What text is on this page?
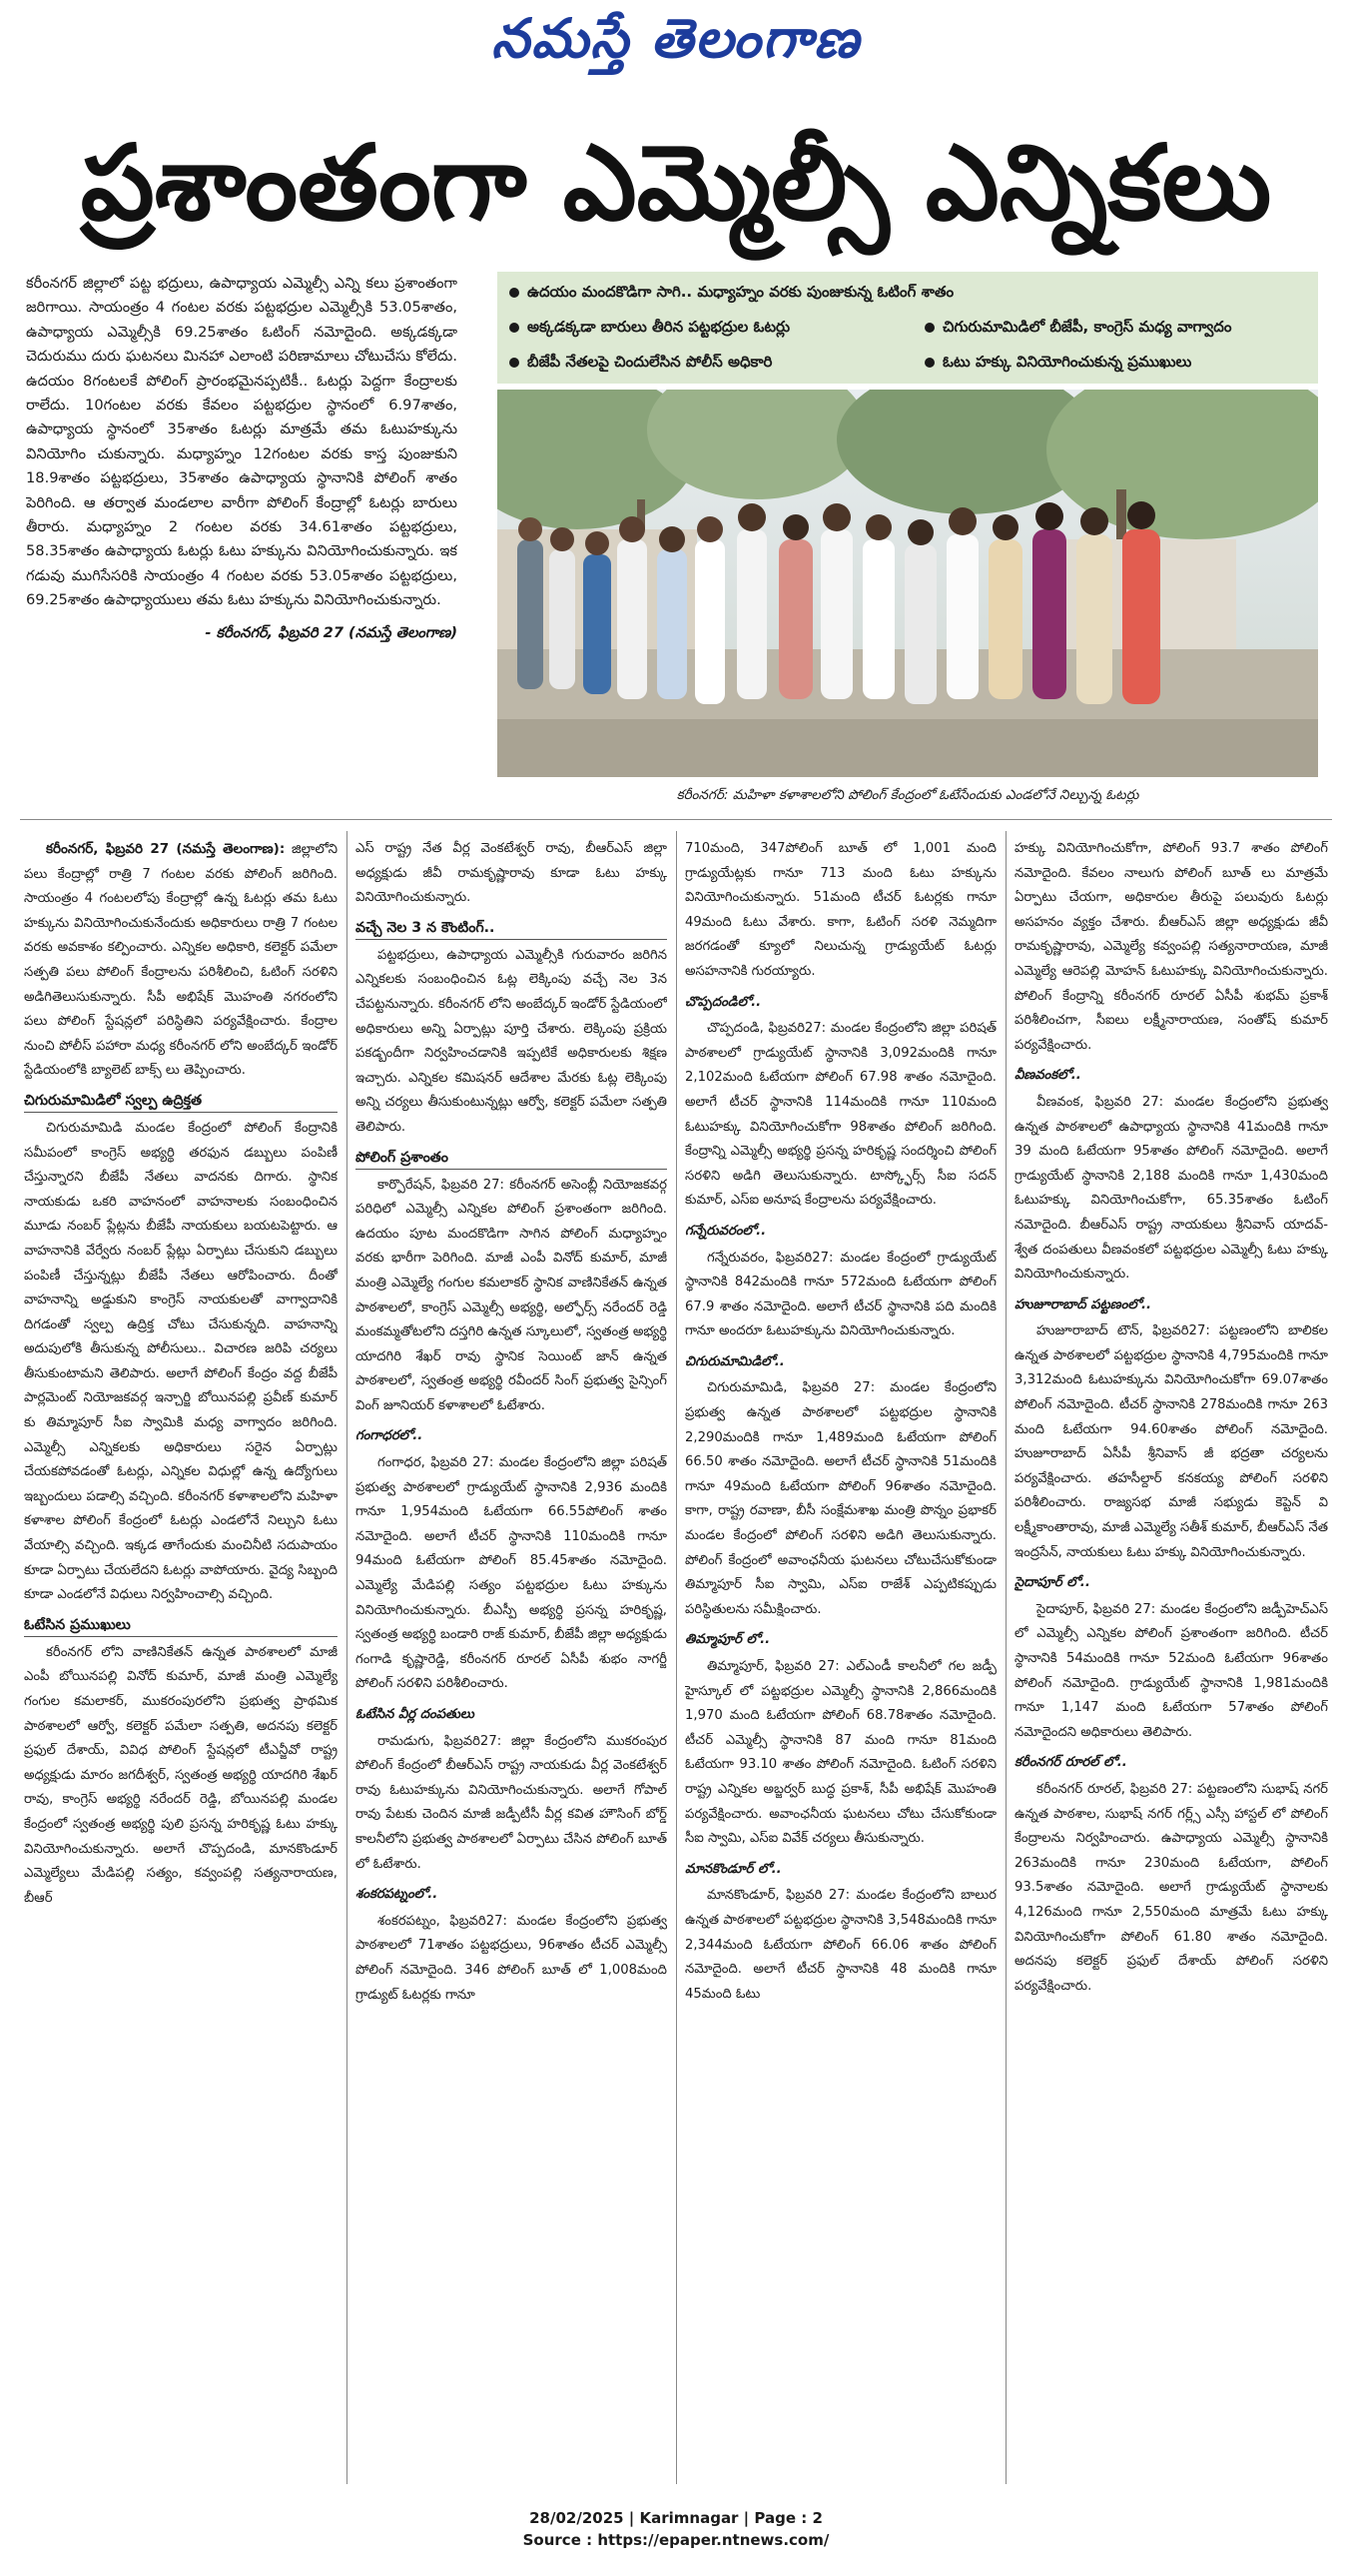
నమస్తే తెలంగాణ
ప్రశాంతంగా ఎమ్మెల్సీ ఎన్నికలు

కరీంనగర్ జిల్లాలో పట్ట భద్రులు, ఉపాధ్యాయ ఎమ్మెల్సీ ఎన్ని కలు ప్రశాంతంగా జరిగాయి. సాయంత్రం 4 గంటల వరకు పట్టభద్రుల ఎమ్మెల్సీకి 53.05శాతం, ఉపాధ్యాయ ఎమ్మెల్సీకి 69.25శాతం ఓటింగ్ నమోదైంది. అక్కడక్కడా చెదురుము దురు ఘటనలు మినహా ఎలాంటి పరిణామాలు చోటుచేసు కోలేదు. ఉదయం 8గంటలకే పోలింగ్ ప్రారంభమైనప్పటికీ.. ఓటర్లు పెద్దగా కేంద్రాలకు రాలేదు. 10గంటల వరకు కేవలం పట్టభద్రుల స్థానంలో 6.97శాతం, ఉపాధ్యాయ స్థానంలో 35శాతం ఓటర్లు మాత్రమే తమ ఓటుహక్కును వినియోగిం చుకున్నారు. మధ్యాహ్నం 12గంటల వరకు కాస్త పుంజుకుని 18.9శాతం పట్టభద్రులు, 35శాతం ఉపాధ్యాయ స్థానానికి పోలింగ్ శాతం పెరిగింది. ఆ తర్వాత మండలాల వారీగా పోలింగ్ కేంద్రాల్లో ఓటర్లు బారులు తీరారు. మధ్యాహ్నం 2 గంటల వరకు 34.61శాతం పట్టభద్రులు, 58.35శాతం ఉపాధ్యాయ ఓటర్లు ఓటు హక్కును వినియోగించుకున్నారు. ఇక గడువు ముగిసేసరికి సాయంత్రం 4 గంటల వరకు 53.05శాతం పట్టభద్రులు, 69.25శాతం ఉపాధ్యాయులు తమ ఓటు హక్కును వినియోగించుకున్నారు.

- కరీంనగర్, ఫిబ్రవరి 27 (నమస్తే తెలంగాణ)

ఉదయం మందకొడిగా సాగి.. మధ్యాహ్నం వరకు పుంజుకున్న ఓటింగ్ శాతం
అక్కడక్కడా బారులు తీరిన పట్టభద్రుల ఓటర్లు	చిగురుమామిడిలో బీజేపీ, కాంగ్రెస్ మధ్య వాగ్వాదం
బీజేపీ నేతలపై చిందులేసిన పోలీస్ అధికారి	ఓటు హక్కు వినియోగించుకున్న ప్రముఖులు
కరీంనగర్: మహిళా కళాశాలలోని పోలింగ్ కేంద్రంలో ఓటేసేందుకు ఎండలోనే నిల్చున్న ఓటర్లు

కరీంనగర్, ఫిబ్రవరి 27 (నమస్తే తెలంగాణ): జిల్లాలోని పలు కేంద్రాల్లో రాత్రి 7 గంటల వరకు పోలింగ్ జరిగింది. సాయంత్రం 4 గంటలలోపు కేంద్రాల్లో ఉన్న ఓటర్లు తమ ఓటు హక్కును వినియోగించుకునేందుకు అధికారులు రాత్రి 7 గంటల వరకు అవకాశం కల్పించారు. ఎన్నికల అధికారి, కలెక్టర్ పమేలా సత్పతి పలు పోలింగ్ కేంద్రాలను పరిశీలించి, ఓటింగ్ సరళిని అడిగితెలుసుకున్నారు. సీపీ అభిషేక్ మొహంతి నగరంలోని పలు పోలింగ్ స్టేషన్లలో పరిస్థితిని పర్యవేక్షించారు. కేంద్రాల నుంచి పోలీస్ పహారా మధ్య కరీంనగర్ లోని అంబేద్కర్ ఇండోర్ స్టేడియంలోకి బ్యాలెట్ బాక్స్ లు తెప్పించారు.

చిగురుమామిడిలో స్వల్ప ఉద్రిక్తత

చిగురుమామిడి మండల కేంద్రంలో పోలింగ్ కేంద్రానికి సమీపంలో కాంగ్రెస్ అభ్యర్థి తరఫున డబ్బులు పంపిణీ చేస్తున్నారని బీజేపీ నేతలు వాదనకు దిగారు. స్థానిక నాయకుడు ఒకరి వాహనంలో వాహనాలకు సంబంధించిన మూడు నంబర్ ప్లేట్లను బీజేపీ నాయకులు బయటపెట్టారు. ఆ వాహనానికి వేర్వేరు నంబర్ ప్లేట్లు ఏర్పాటు చేసుకుని డబ్బులు పంపిణీ చేస్తున్నట్లు బీజేపీ నేతలు ఆరోపించారు. దీంతో వాహనాన్ని అడ్డుకుని కాంగ్రెస్ నాయకులతో వాగ్వాదానికి దిగడంతో స్వల్ప ఉద్రిక్త చోటు చేసుకున్నది. వాహనాన్ని అదుపులోకి తీసుకున్న పోలీసులు.. విచారణ జరిపి చర్యలు తీసుకుంటామని తెలిపారు. అలాగే పోలింగ్ కేంద్రం వద్ద బీజేపీ పార్లమెంట్ నియోజకవర్గ ఇన్చార్జి బోయినపల్లి ప్రవీణ్ కుమార్ కు తిమ్మాపూర్ సీఐ స్వామికి మధ్య వాగ్వాదం జరిగింది. ఎమ్మెల్సీ ఎన్నికలకు అధికారులు సరైన ఏర్పాట్లు చేయకపోవడంతో ఓటర్లు, ఎన్నికల విధుల్లో ఉన్న ఉద్యోగులు ఇబ్బందులు పడాల్సి వచ్చింది. కరీంనగర్ కళాశాలలోని మహిళా కళాశాల పోలింగ్ కేంద్రంలో ఓటర్లు ఎండలోనే నిల్చుని ఓటు వేయాల్సి వచ్చింది. ఇక్కడ తాగేందుకు మంచినీటి సదుపాయం కూడా ఏర్పాటు చేయలేదని ఓటర్లు వాపోయారు. వైద్య సిబ్బంది కూడా ఎండలోనే విధులు నిర్వహించాల్సి వచ్చింది.

ఓటేసిన ప్రముఖులు

కరీంనగర్ లోని వాణినికేతన్ ఉన్నత పాఠశాలలో మాజీ ఎంపీ బోయినపల్లి వినోద్ కుమార్, మాజీ మంత్రి ఎమ్మెల్యే గంగుల కమలాకర్, ముకరంపురలోని ప్రభుత్వ ప్రాథమిక పాఠశాలలో ఆర్వో, కలెక్టర్ పమేలా సత్పతి, అదనపు కలెక్టర్ ప్రఫుల్ దేశాయ్, వివిధ పోలింగ్ స్టేషన్లలో టీఎన్జీవో రాష్ట్ర అధ్యక్షుడు మారం జగదీశ్వర్, స్వతంత్ర అభ్యర్థి యాదగిరి శేఖర్ రావు, కాంగ్రెస్ అభ్యర్థి నరేందర్ రెడ్డి, బోయినపల్లి మండల కేంద్రంలో స్వతంత్ర అభ్యర్థి పులి ప్రసన్న హరికృష్ణ ఓటు హక్కు వినియోగించుకున్నారు. అలాగే చొప్పదండి, మానకొండూర్ ఎమ్మెల్యేలు మేడిపల్లి సత్యం, కవ్వంపల్లి సత్యనారాయణ, బీఆర్

ఎస్ రాష్ట్ర నేత వీర్ల వెంకటేశ్వర్ రావు, బీఆర్ఎస్ జిల్లా అధ్యక్షుడు జీవీ రామకృష్ణారావు కూడా ఓటు హక్కు వినియోగించుకున్నారు.

వచ్చే నెల 3 న కౌంటింగ్..

పట్టభద్రులు, ఉపాధ్యాయ ఎమ్మెల్సీకి గురువారం జరిగిన ఎన్నికలకు సంబంధించిన ఓట్ల లెక్కింపు వచ్చే నెల 3న చేపట్టనున్నారు. కరీంనగర్ లోని అంబేద్కర్ ఇండోర్ స్టేడియంలో అధికారులు అన్ని ఏర్పాట్లు పూర్తి చేశారు. లెక్కింపు ప్రక్రియ పకడ్బందీగా నిర్వహించడానికి ఇప్పటికే అధికారులకు శిక్షణ ఇచ్చారు. ఎన్నికల కమిషనర్ ఆదేశాల మేరకు ఓట్ల లెక్కింపు అన్ని చర్యలు తీసుకుంటున్నట్లు ఆర్వో, కలెక్టర్ పమేలా సత్పతి తెలిపారు.

పోలింగ్ ప్రశాంతం

కార్పొరేషన్, ఫిబ్రవరి 27: కరీంనగర్ అసెంబ్లీ నియోజకవర్గ పరిధిలో ఎమ్మెల్సీ ఎన్నికల పోలింగ్ ప్రశాంతంగా జరిగింది. ఉదయం పూట మందకొడిగా సాగిన పోలింగ్ మధ్యాహ్నం వరకు భారీగా పెరిగింది. మాజీ ఎంపీ వినోద్ కుమార్, మాజీ మంత్రి ఎమ్మెల్యే గంగుల కమలాకర్ స్థానిక వాణినికేతన్ ఉన్నత పాఠశాలలో, కాంగ్రెస్ ఎమ్మెల్సీ అభ్యర్థి, అల్ఫోర్స్ నరేందర్ రెడ్డి మంకమ్మతోటలోని దస్తగిరి ఉన్నత స్కూలులో, స్వతంత్ర అభ్యర్థి యాదగిరి శేఖర్ రావు స్థానిక సెయింట్ జాన్ ఉన్నత పాఠశాలలో, స్వతంత్ర అభ్యర్థి రవీందర్ సింగ్ ప్రభుత్వ సైన్సింగ్ వింగ్ జూనియర్ కళాశాలలో ఓటేశారు.

గంగాధరలో..

గంగాధర, ఫిబ్రవరి 27: మండల కేంద్రంలోని జిల్లా పరిషత్ ప్రభుత్వ పాఠశాలలో గ్రాడ్యుయేట్ స్థానానికి 2,936 మందికి గానూ 1,954మంది ఓటేయగా 66.55పోలింగ్ శాతం నమోదైంది. అలాగే టీచర్ స్థానానికి 110మందికి గానూ 94మంది ఓటేయగా పోలింగ్ 85.45శాతం నమోదైంది. ఎమ్మెల్యే మేడిపల్లి సత్యం పట్టభద్రుల ఓటు హక్కును వినియోగించుకున్నారు. బీఎస్పీ అభ్యర్థి ప్రసన్న హరికృష్ణ, స్వతంత్ర అభ్యర్థి బండారి రాజ్ కుమార్, బీజేపీ జిల్లా అధ్యక్షుడు గంగాడి కృష్ణారెడ్డి, కరీంనగర్ రూరల్ ఏసీపీ శుభం నాగర్జీ పోలింగ్ సరళిని పరిశీలించారు.

ఓటేసిన వీర్ల దంపతులు

రామడుగు, ఫిబ్రవరి27: జిల్లా కేంద్రంలోని ముకరంపుర పోలింగ్ కేంద్రంలో బీఆర్ఎస్ రాష్ట్ర నాయకుడు వీర్ల వెంకటేశ్వర్ రావు ఓటుహక్కును వినియోగించుకున్నారు. అలాగే గోపాల్ రావు పేటకు చెందిన మాజీ జడ్పీటీసీ వీర్ల కవిత హౌసింగ్ బోర్డ్ కాలనీలోని ప్రభుత్వ పాఠశాలలో ఏర్పాటు చేసిన పోలింగ్ బూత్ లో ఓటేశారు.

శంకరపట్నంలో..

శంకరపట్నం, ఫిబ్రవరి27: మండల కేంద్రంలోని ప్రభుత్వ పాఠశాలలో 71శాతం పట్టభద్రులు, 96శాతం టీచర్ ఎమ్మెల్సీ పోలింగ్ నమోదైంది. 346 పోలింగ్ బూత్ లో 1,008మంది గ్రాడ్యుట్ ఓటర్లకు గానూ

710మంది, 347పోలింగ్ బూత్ లో 1,001 మంది గ్రాడ్యుయేట్లకు గానూ 713 మంది ఓటు హక్కును వినియోగించుకున్నారు. 51మంది టీచర్ ఓటర్లకు గానూ 49మంది ఓటు వేశారు. కాగా, ఓటింగ్ సరళి నెమ్మదిగా జరగడంతో క్యూలో నిలుచున్న గ్రాడ్యుయేట్ ఓటర్లు అసహనానికి గురయ్యారు.

చొప్పదండిలో..

చొప్పదండి, ఫిబ్రవరి27: మండల కేంద్రంలోని జిల్లా పరిషత్ పాఠశాలలో గ్రాడ్యుయేట్ స్థానానికి 3,092మందికి గానూ 2,102మంది ఓటేయగా పోలింగ్ 67.98 శాతం నమోదైంది. అలాగే టీచర్ స్థానానికి 114మందికి గానూ 110మంది ఓటుహక్కు వినియోగించుకోగా 98శాతం పోలింగ్ జరిగింది. కేంద్రాన్ని ఎమ్మెల్సీ అభ్యర్థి ప్రసన్న హరికృష్ణ సందర్శించి పోలింగ్ సరళిని అడిగి తెలుసుకున్నారు. టాస్క్ఫోర్స్ సీఐ సదన్ కుమార్, ఎస్ఐ అనూష కేంద్రాలను పర్యవేక్షించారు.

గన్నేరువరంలో..

గన్నేరువరం, ఫిబ్రవరి27: మండల కేంద్రంలో గ్రాడ్యుయేట్ స్థానానికి 842మందికి గానూ 572మంది ఓటేయగా పోలింగ్ 67.9 శాతం నమోదైంది. అలాగే టీచర్ స్థానానికి పది మందికి గానూ అందరూ ఓటుహక్కును వినియోగించుకున్నారు.

చిగురుమామిడిలో..

చిగురుమామిడి, ఫిబ్రవరి 27: మండల కేంద్రంలోని ప్రభుత్వ ఉన్నత పాఠశాలలో పట్టభద్రుల స్థానానికి 2,290మందికి గానూ 1,489మంది ఓటేయగా పోలింగ్ 66.50 శాతం నమోదైంది. అలాగే టీచర్ స్థానానికి 51మందికి గానూ 49మంది ఓటేయగా పోలింగ్ 96శాతం నమోదైంది. కాగా, రాష్ట్ర రవాణా, బీసీ సంక్షేమశాఖ మంత్రి పొన్నం ప్రభాకర్ మండల కేంద్రంలో పోలింగ్ సరళిని అడిగి తెలుసుకున్నారు. పోలింగ్ కేంద్రంలో అవాంఛనీయ ఘటనలు చోటుచేసుకోకుండా తిమ్మాపూర్ సీఐ స్వామి, ఎస్ఐ రాజేశ్ ఎప్పటికప్పుడు పరిస్థితులను సమీక్షించారు.

తిమ్మాపూర్ లో..

తిమ్మాపూర్, ఫిబ్రవరి 27: ఎల్ఎండీ కాలనీలో గల జడ్పీ హైస్కూల్ లో పట్టభద్రుల ఎమ్మెల్సీ స్థానానికి 2,866మందికి 1,970 మంది ఓటేయగా పోలింగ్ 68.78శాతం నమోదైంది. టీచర్ ఎమ్మెల్సీ స్థానానికి 87 మంది గానూ 81మంది ఓటేయగా 93.10 శాతం పోలింగ్ నమోదైంది. ఓటింగ్ సరళిని రాష్ట్ర ఎన్నికల అబ్జర్వర్ బుద్ధ ప్రకాశ్, సీపీ అభిషేక్ మొహంతి పర్యవేక్షించారు. అవాంఛనీయ ఘటనలు చోటు చేసుకోకుండా సీఐ స్వామి, ఎస్ఐ వివేక్ చర్యలు తీసుకున్నారు.

మానకొండూర్ లో..

మానకొండూర్, ఫిబ్రవరి 27: మండల కేంద్రంలోని బాలుర ఉన్నత పాఠశాలలో పట్టభద్రుల స్థానానికి 3,548మందికి గానూ 2,344మంది ఓటేయగా పోలింగ్ 66.06 శాతం పోలింగ్ నమోదైంది. అలాగే టీచర్ స్థానానికి 48 మందికి గానూ 45మంది ఓటు

హక్కు వినియోగించుకోగా, పోలింగ్ 93.7 శాతం పోలింగ్ నమోదైంది. కేవలం నాలుగు పోలింగ్ బూత్ లు మాత్రమే ఏర్పాటు చేయగా, అధికారుల తీరుపై పలువురు ఓటర్లు అసహనం వ్యక్తం చేశారు. బీఆర్ఎస్ జిల్లా అధ్యక్షుడు జీవీ రామకృష్ణారావు, ఎమ్మెల్యే కవ్వంపల్లి సత్యనారాయణ, మాజీ ఎమ్మెల్యే ఆరెపల్లి మోహన్ ఓటుహక్కు వినియోగించుకున్నారు. పోలింగ్ కేంద్రాన్ని కరీంనగర్ రూరల్ ఏసీపీ శుభమ్ ప్రకాశ్ పరిశీలించగా, సీఐలు లక్ష్మీనారాయణ, సంతోష్ కుమార్ పర్యవేక్షించారు.

వీణవంకలో..

వీణవంక, ఫిబ్రవరి 27: మండల కేంద్రంలోని ప్రభుత్వ ఉన్నత పాఠశాలలో ఉపాధ్యాయ స్థానానికి 41మందికి గానూ 39 మంది ఓటేయగా 95శాతం పోలింగ్ నమోదైంది. అలాగే గ్రాడ్యుయేట్ స్థానానికి 2,188 మందికి గానూ 1,430మంది ఓటుహక్కు వినియోగించుకోగా, 65.35శాతం ఓటింగ్ నమోదైంది. బీఆర్ఎస్ రాష్ట్ర నాయకులు శ్రీనివాస్ యాదవ్-శ్వేత దంపతులు వీణవంకలో పట్టభద్రుల ఎమ్మెల్సీ ఓటు హక్కు వినియోగించుకున్నారు.

హుజూరాబాద్ పట్టణంలో..

హుజూరాబాద్ టౌన్, ఫిబ్రవరి27: పట్టణంలోని బాలికల ఉన్నత పాఠశాలలో పట్టభద్రుల స్థానానికి 4,795మందికి గానూ 3,312మంది ఓటుహక్కును వినియోగించుకోగా 69.07శాతం పోలింగ్ నమోదైంది. టీచర్ స్థానానికి 278మందికి గానూ 263 మంది ఓటేయగా 94.60శాతం పోలింగ్ నమోదైంది. హుజూరాబాద్ ఏసీపీ శ్రీనివాస్ జీ భద్రతా చర్యలను పర్యవేక్షించారు. తహసీల్దార్ కనకయ్య పోలింగ్ సరళిని పరిశీలించారు. రాజ్యసభ మాజీ సభ్యుడు కెప్టెన్ వి లక్ష్మీకాంతారావు, మాజీ ఎమ్మెల్యే సతీశ్ కుమార్, బీఆర్ఎస్ నేత ఇంద్రసేన్, నాయకులు ఓటు హక్కు వినియోగించుకున్నారు.

సైదాపూర్ లో..

సైదాపూర్, ఫిబ్రవరి 27: మండల కేంద్రంలోని జడ్పీహెచ్ఎస్ లో ఎమ్మెల్సీ ఎన్నికల పోలింగ్ ప్రశాంతంగా జరిగింది. టీచర్ స్థానానికి 54మందికి గానూ 52మంది ఓటేయగా 96శాతం పోలింగ్ నమోదైంది. గ్రాడ్యుయేట్ స్థానానికి 1,981మందికి గానూ 1,147 మంది ఓటేయగా 57శాతం పోలింగ్ నమోదైందని అధికారులు తెలిపారు.

కరీంనగర్ రూరల్ లో..

కరీంనగర్ రూరల్, ఫిబ్రవరి 27: పట్టణంలోని సుభాష్ నగర్ ఉన్నత పాఠశాల, సుభాష్ నగర్ గర్ల్స్ ఎస్సీ హాస్టల్ లో పోలింగ్ కేంద్రాలను నిర్వహించారు. ఉపాధ్యాయ ఎమ్మెల్సీ స్థానానికి 263మందికి గానూ 230మంది ఓటేయగా, పోలింగ్ 93.5శాతం నమోదైంది. అలాగే గ్రాడ్యుయేట్ స్థానాలకు 4,126మంది గానూ 2,550మంది మాత్రమే ఓటు హక్కు వినియోగించుకోగా పోలింగ్ 61.80 శాతం నమోదైంది. అదనపు కలెక్టర్ ప్రఫుల్ దేశాయ్ పోలింగ్ సరళిని పర్యవేక్షించారు.

28/02/2025 | Karimnagar | Page : 2
Source : https://epaper.ntnews.com/
